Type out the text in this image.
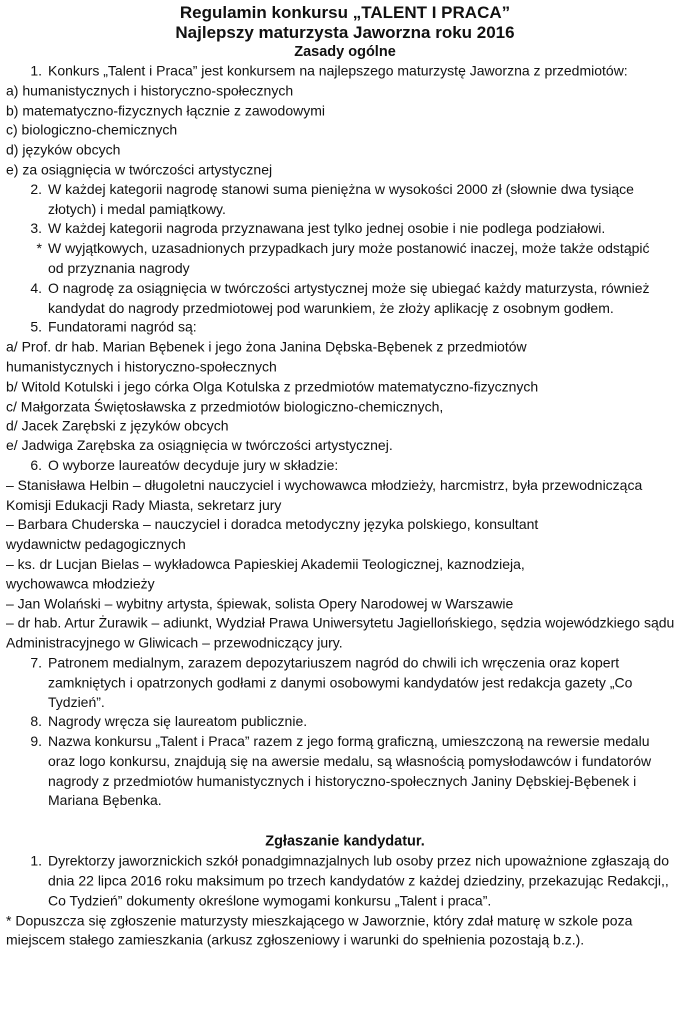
Regulamin konkursu „TALENT I PRACA”
Najlepszy maturzysta Jaworzna roku 2016
Zasady ogólne
1. Konkurs „Talent i Praca” jest konkursem na najlepszego maturzystę Jaworzna z przedmiotów:
a) humanistycznych i historyczno-społecznych
b) matematyczno-fizycznych łącznie z zawodowymi
c) biologiczno-chemicznych
d) języków obcych
e) za osiągnięcia w twórczości artystycznej
2. W każdej kategorii nagrodę stanowi suma pieniężna w wysokości 2000 zł (słownie dwa tysiące złotych) i medal pamiątkowy.
3. W każdej kategorii nagroda przyznawana jest tylko jednej osobie i nie podlega podziałowi.
* W wyjątkowych, uzasadnionych przypadkach jury może postanowić inaczej, może także odstąpić od przyznania nagrody
4. O nagrodę za osiągnięcia w twórczości artystycznej może się ubiegać każdy maturzysta, również kandydat do nagrody przedmiotowej pod warunkiem, że złoży aplikację z osobnym godłem.
5. Fundatorami nagród są:
a/ Prof. dr hab. Marian Bębenek i jego żona Janina Dębska-Bębenek z przedmiotów humanistycznych i historyczno-społecznych
b/ Witold Kotulski i jego córka Olga Kotulska z przedmiotów matematyczno-fizycznych
c/ Małgorzata Świętosławska z przedmiotów biologiczno-chemicznych,
d/ Jacek Zarębski z języków obcych
e/ Jadwiga Zarębska za osiągnięcia w twórczości artystycznej.
6. O wyborze laureatów decyduje jury w składzie:
– Stanisława Helbin – długoletni nauczyciel i wychowawca młodzieży, harcmistrz, była przewodnicząca Komisji Edukacji Rady Miasta, sekretarz jury
– Barbara Chuderska – nauczyciel i doradca metodyczny języka polskiego, konsultant wydawnictw pedagogicznych
– ks. dr Lucjan Bielas – wykładowca Papieskiej Akademii Teologicznej, kaznodzieja, wychowawca młodzieży
– Jan Wolański – wybitny artysta, śpiewak, solista Opery Narodowej w Warszawie
– dr hab. Artur Żurawik – adiunkt, Wydział Prawa Uniwersytetu Jagiellońskiego, sędzia wojewódzkiego sądu Administracyjnego w Gliwicach – przewodniczący jury.
7. Patronem medialnym, zarazem depozytariuszem nagród do chwili ich wręczenia oraz kopert zamkniętych i opatrzonych godłami z danymi osobowymi kandydatów jest redakcja gazety „Co Tydzień”.
8. Nagrody wręcza się laureatom publicznie.
9. Nazwa konkursu „Talent i Praca” razem z jego formą graficzną, umieszczoną na rewersie medalu oraz logo konkursu, znajdują się na awersie medalu, są własnością pomysłodawców i fundatorów nagrody z przedmiotów humanistycznych i historyczno-społecznych Janiny Dębskiej-Bębenek i Mariana Bębenka.
Zgłaszanie kandydatur.
1. Dyrektorzy jaworznickich szkół ponadgimnazjalnych lub osoby przez nich upoważnione zgłaszają do dnia 22 lipca 2016 roku maksimum po trzech kandydatów z każdej dziedziny, przekazując Redakcji,, Co Tydzień” dokumenty określone wymogami konkursu „Talent i praca”.
* Dopuszcza się zgłoszenie maturzysty mieszkającego w Jaworznie, który zdał maturę w szkole poza miejscem stałego zamieszkania (arkusz zgłoszeniowy i warunki do spełnienia pozostają b.z.).
